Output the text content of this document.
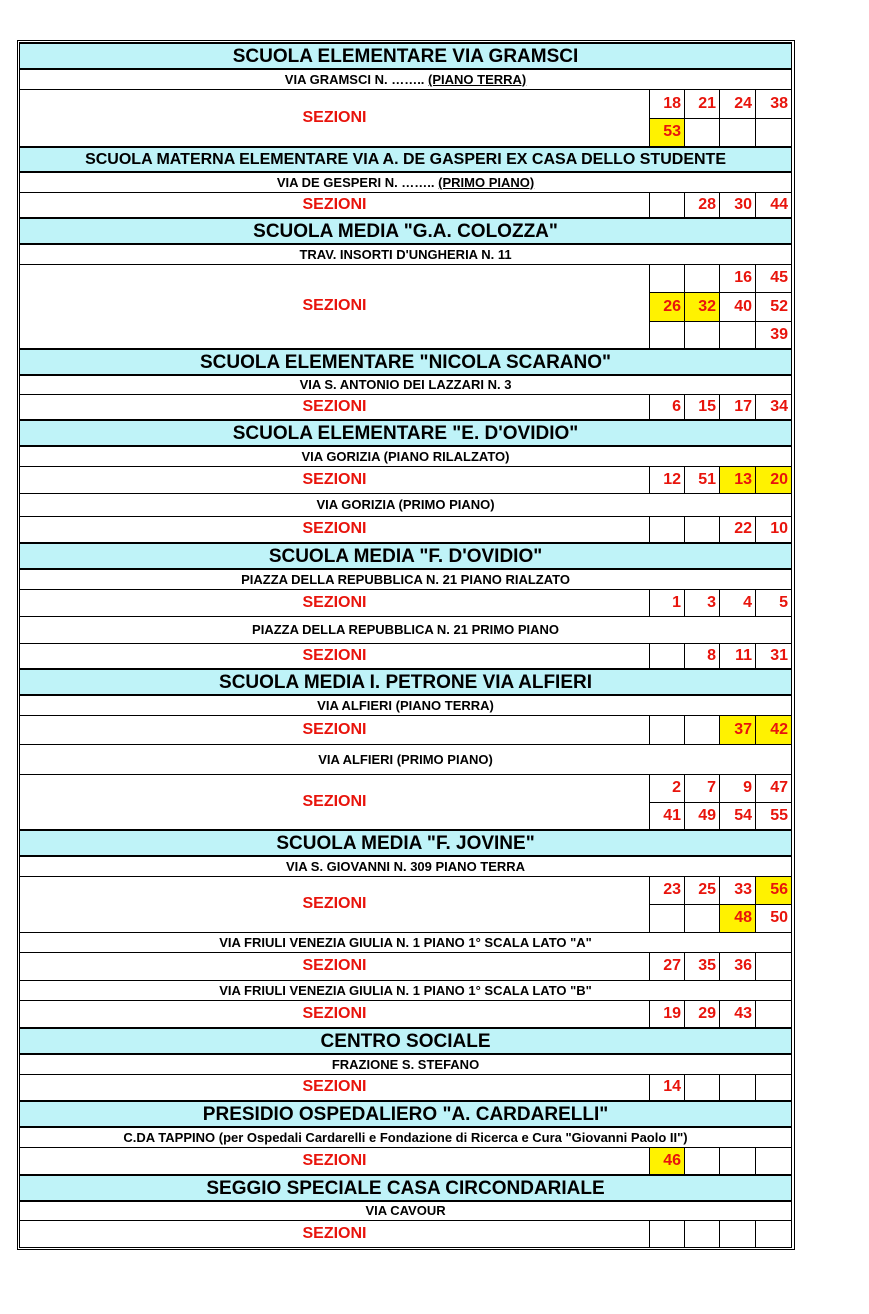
SCUOLA ELEMENTARE VIA GRAMSCI				
VIA GRAMSCI N. …….. (PIANO TERRA)				
SEZIONI	18	21	24	38
	53			
SCUOLA MATERNA ELEMENTARE VIA A. DE GASPERI EX CASA DELLO STUDENTE				
VIA DE GESPERI N. …….. (PRIMO PIANO)				
SEZIONI		28	30	44
SCUOLA MEDIA "G.A. COLOZZA"				
TRAV. INSORTI D'UNGHERIA N. 11				
SEZIONI			16	45
	26	32	40	52
				39
SCUOLA ELEMENTARE "NICOLA SCARANO"				
VIA S. ANTONIO DEI LAZZARI N. 3				
SEZIONI	6	15	17	34
SCUOLA ELEMENTARE "E. D'OVIDIO"				
VIA GORIZIA (PIANO RILALZATO)				
SEZIONI	12	51	13	20
VIA GORIZIA (PRIMO PIANO)				
SEZIONI			22	10
SCUOLA MEDIA "F. D'OVIDIO"				
PIAZZA DELLA REPUBBLICA N. 21 PIANO RIALZATO				
SEZIONI	1	3	4	5
PIAZZA DELLA REPUBBLICA N. 21 PRIMO PIANO				
SEZIONI		8	11	31
SCUOLA MEDIA I. PETRONE VIA ALFIERI				
VIA ALFIERI (PIANO TERRA)				
SEZIONI			37	42
VIA ALFIERI (PRIMO PIANO)				
SEZIONI	2	7	9	47
	41	49	54	55
SCUOLA MEDIA "F. JOVINE"				
VIA S. GIOVANNI N. 309 PIANO TERRA				
SEZIONI	23	25	33	56
			48	50
VIA FRIULI VENEZIA GIULIA N. 1 PIANO 1° SCALA LATO "A"				
SEZIONI	27	35	36	
VIA FRIULI VENEZIA GIULIA N. 1 PIANO 1° SCALA LATO "B"				
SEZIONI	19	29	43	
CENTRO SOCIALE				
FRAZIONE S. STEFANO				
SEZIONI	14			
PRESIDIO OSPEDALIERO "A. CARDARELLI"				
C.DA TAPPINO (per Ospedali Cardarelli e Fondazione di Ricerca e Cura "Giovanni Paolo II")				
SEZIONI	46			
SEGGIO SPECIALE CASA CIRCONDARIALE				
VIA CAVOUR				
SEZIONI				
